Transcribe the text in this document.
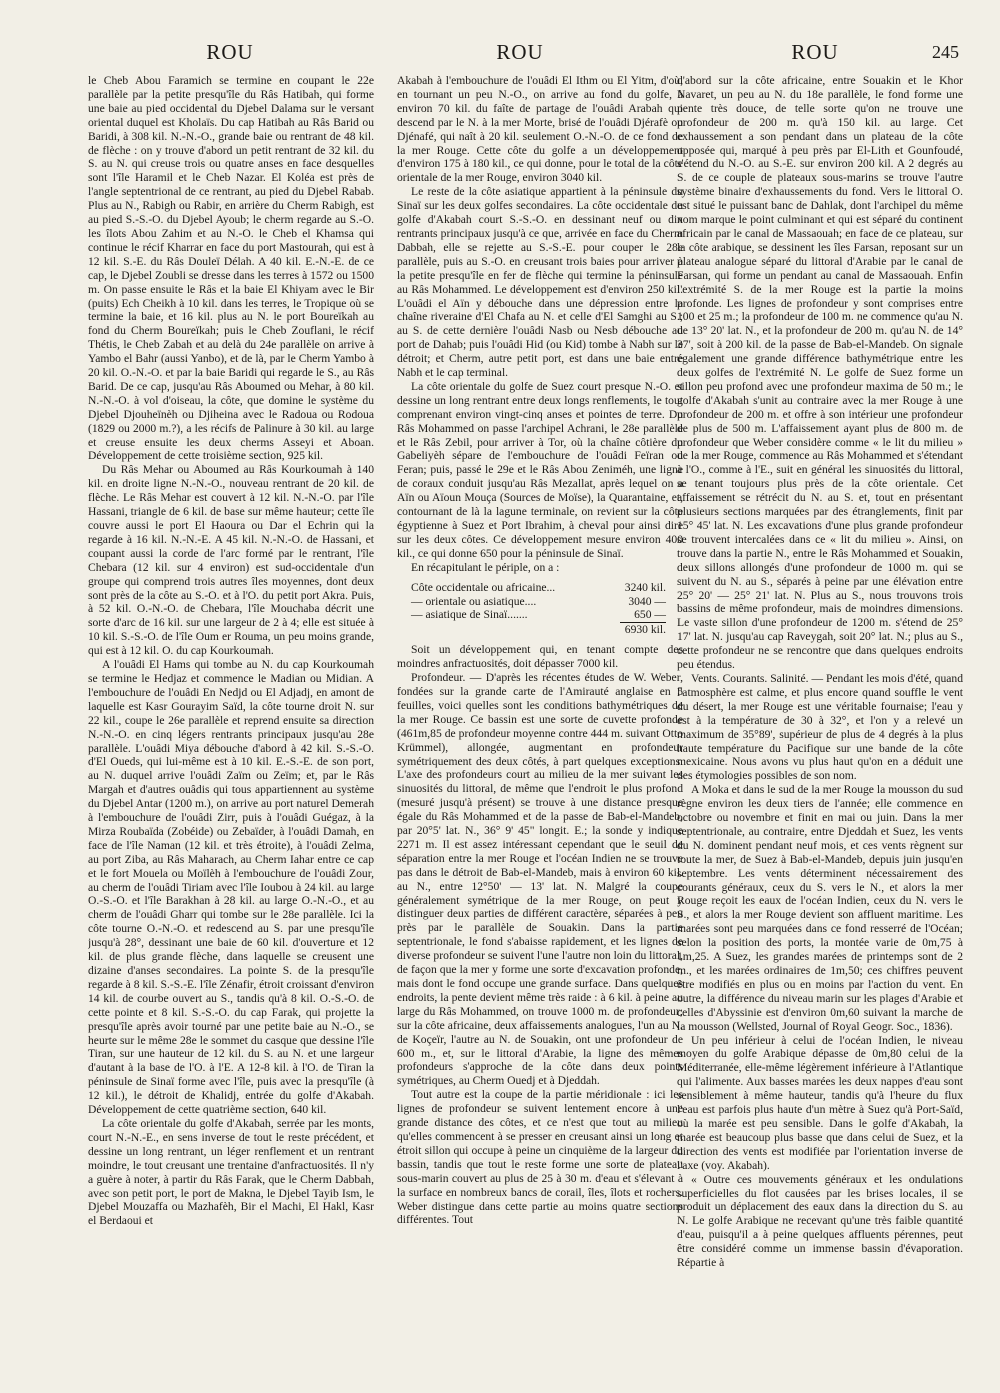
ROU	ROU	ROU	245

le Cheb Abou Faramich se termine en coupant le 22e parallèle par la petite presqu'île du Râs Hatibah, qui forme une baie au pied occidental du Djebel Dalama sur le versant oriental duquel est Kholaïs. Du cap Hatibah au Râs Barid ou Baridi, à 308 kil. N.-N.-O., grande baie ou rentrant de 48 kil. de flèche : on y trouve d'abord un petit rentrant de 32 kil. du S. au N. qui creuse trois ou quatre anses en face desquelles sont l'île Haramil et le Cheb Nazar. El Koléa est près de l'angle septentrional de ce rentrant, au pied du Djebel Rabab. Plus au N., Rabigh ou Rabir, en arrière du Cherm Rabigh, est au pied S.-S.-O. du Djebel Ayoub; le cherm regarde au S.-O. les îlots Abou Zahim et au N.-O. le Cheb el Khamsa qui continue le récif Kharrar en face du port Mastourah, qui est à 12 kil. S.-E. du Râs Douleï Délah. A 40 kil. E.-N.-E. de ce cap, le Djebel Zoubli se dresse dans les terres à 1572 ou 1500 m. On passe ensuite le Râs et la baie El Khiyam avec le Bir (puits) Ech Cheikh à 10 kil. dans les terres, le Tropique où se termine la baie, et 16 kil. plus au N. le port Boureïkah au fond du Cherm Boureïkah; puis le Cheb Zouflani, le récif Thétis, le Cheb Zabah et au delà du 24e parallèle on arrive à Yambo el Bahr (aussi Yanbo), et de là, par le Cherm Yambo à 20 kil. O.-N.-O. et par la baie Baridi qui regarde le S., au Râs Barid. De ce cap, jusqu'au Râs Aboumed ou Mehar, à 80 kil. N.-N.-O. à vol d'oiseau, la côte, que domine le système du Djebel Djouheïnèh ou Djiheina avec le Radoua ou Rodoua (1829 ou 2000 m.?), a les récifs de Palinure à 30 kil. au large et creuse ensuite les deux cherms Asseyi et Aboan. Développement de cette troisième section, 925 kil.

Du Râs Mehar ou Aboumed au Râs Kourkoumah à 140 kil. en droite ligne N.-N.-O., nouveau rentrant de 20 kil. de flèche. Le Râs Mehar est couvert à 12 kil. N.-N.-O. par l'île Hassani, triangle de 6 kil. de base sur même hauteur; cette île couvre aussi le port El Haoura ou Dar el Echrin qui la regarde à 16 kil. N.-N.-E. A 45 kil. N.-N.-O. de Hassani, et coupant aussi la corde de l'arc formé par le rentrant, l'île Chebara (12 kil. sur 4 environ) est sud-occidentale d'un groupe qui comprend trois autres îles moyennes, dont deux sont près de la côte au S.-O. et à l'O. du petit port Akra. Puis, à 52 kil. O.-N.-O. de Chebara, l'île Mouchaba décrit une sorte d'arc de 16 kil. sur une largeur de 2 à 4; elle est située à 10 kil. S.-S.-O. de l'île Oum er Rouma, un peu moins grande, qui est à 12 kil. O. du cap Kourkoumah.

A l'ouâdi El Hams qui tombe au N. du cap Kourkoumah se termine le Hedjaz et commence le Madian ou Midian. A l'embouchure de l'ouâdi En Nedjd ou El Adjadj, en amont de laquelle est Kasr Gourayim Saïd, la côte tourne droit N. sur 22 kil., coupe le 26e parallèle et reprend ensuite sa direction N.-N.-O. en cinq légers rentrants principaux jusqu'au 28e parallèle. L'ouâdi Miya débouche d'abord à 42 kil. S.-S.-O. d'El Oueds, qui lui-même est à 10 kil. E.-S.-E. de son port, au N. duquel arrive l'ouâdi Zaïm ou Zeïm; et, par le Râs Margah et d'autres ouâdis qui tous appartiennent au système du Djebel Antar (1200 m.), on arrive au port naturel Demerah à l'embouchure de l'ouâdi Zirr, puis à l'ouâdi Guégaz, à la Mirza Roubaïda (Zobéide) ou Zebaïder, à l'ouâdi Damah, en face de l'île Naman (12 kil. et très étroite), à l'ouâdi Zelma, au port Ziba, au Râs Maharach, au Cherm Iahar entre ce cap et le fort Mouela ou Moïlèh à l'embouchure de l'ouâdi Zour, au cherm de l'ouâdi Tiriam avec l'île Ioubou à 24 kil. au large O.-S.-O. et l'île Barakhan à 28 kil. au large O.-N.-O., et au cherm de l'ouâdi Gharr qui tombe sur le 28e parallèle. Ici la côte tourne O.-N.-O. et redescend au S. par une presqu'île jusqu'à 28°, dessinant une baie de 60 kil. d'ouverture et 12 kil. de plus grande flèche, dans laquelle se creusent une dizaine d'anses secondaires. La pointe S. de la presqu'île regarde à 8 kil. S.-S.-E. l'île Zénafir, étroit croissant d'environ 14 kil. de courbe ouvert au S., tandis qu'à 8 kil. O.-S.-O. de cette pointe et 8 kil. S.-S.-O. du cap Farak, qui projette la presqu'île après avoir tourné par une petite baie au N.-O., se heurte sur le même 28e le sommet du casque que dessine l'île Tiran, sur une hauteur de 12 kil. du S. au N. et une largeur d'autant à la base de l'O. à l'E. A 12-8 kil. à l'O. de Tiran la péninsule de Sinaï forme avec l'île, puis avec la presqu'île (à 12 kil.), le détroit de Khalidj, entrée du golfe d'Akabah. Développement de cette quatrième section, 640 kil.

La côte orientale du golfe d'Akabah, serrée par les monts, court N.-N.-E., en sens inverse de tout le reste précédent, et dessine un long rentrant, un léger renflement et un rentrant moindre, le tout creusant une trentaine d'anfractuosités. Il n'y a guère à noter, à partir du Râs Farak, que le Cherm Dabbah, avec son petit port, le port de Makna, le Djebel Tayib Ism, le Djebel Mouzaffa ou Mazhafèh, Bir el Machi, El Hakl, Kasr el Berdaoui et

Akabah à l'embouchure de l'ouâdi El Ithm ou El Yitm, d'où, en tournant un peu N.-O., on arrive au fond du golfe, à environ 70 kil. du faîte de partage de l'ouâdi Arabah qui descend par le N. à la mer Morte, brisé de l'ouâdi Djérafè ou Djénafé, qui naît à 20 kil. seulement O.-N.-O. de ce fond de la mer Rouge. Cette côte du golfe a un développement d'environ 175 à 180 kil., ce qui donne, pour le total de la côte orientale de la mer Rouge, environ 3040 kil.

Le reste de la côte asiatique appartient à la péninsule du Sinaï sur les deux golfes secondaires. La côte occidentale du golfe d'Akabah court S.-S.-O. en dessinant neuf ou dix rentrants principaux jusqu'à ce que, arrivée en face du Cherm Dabbah, elle se rejette au S.-S.-E. pour couper le 28e parallèle, puis au S.-O. en creusant trois baies pour arriver à la petite presqu'île en fer de flèche qui termine la péninsule au Râs Mohammed. Le développement est d'environ 250 kil. L'ouâdi el Aïn y débouche dans une dépression entre la chaîne riveraine d'El Chafa au N. et celle d'El Samghi au S.; au S. de cette dernière l'ouâdi Nasb ou Nesb débouche au port de Dahab; puis l'ouâdi Hid (ou Kid) tombe à Nabh sur le détroit; et Cherm, autre petit port, est dans une baie entre Nabh et le cap terminal.

La côte orientale du golfe de Suez court presque N.-O. et dessine un long rentrant entre deux longs renflements, le tout comprenant environ vingt-cinq anses et pointes de terre. Du Râs Mohammed on passe l'archipel Achrani, le 28e parallèle et le Râs Zebil, pour arriver à Tor, où la chaîne côtière du Gabeliyèh sépare de l'embouchure de l'ouâdi Feïran ou Feran; puis, passé le 29e et le Râs Abou Zeniméh, une ligne de coraux conduit jusqu'au Râs Mezallat, après lequel on a Aïn ou Aïoun Mouça (Sources de Moïse), la Quarantaine, et, contournant de là la lagune terminale, on revient sur la côte égyptienne à Suez et Port Ibrahim, à cheval pour ainsi dire sur les deux côtes. Ce développement mesure environ 400 kil., ce qui donne 650 pour la péninsule de Sinaï.

En récapitulant le périple, on a :

Côte occidentale ou africaine...	3240 kil.
— orientale ou asiatique....	3040 —
— asiatique de Sinaï.......	650 —
6930 kil.

Soit un développement qui, en tenant compte des moindres anfractuosités, doit dépasser 7000 kil.

Profondeur. — D'après les récentes études de W. Weber, fondées sur la grande carte de l'Amirauté anglaise en 5 feuilles, voici quelles sont les conditions bathymétriques de la mer Rouge. Ce bassin est une sorte de cuvette profonde (461m,85 de profondeur moyenne contre 444 m. suivant Otto Krümmel), allongée, augmentant en profondeur symétriquement des deux côtés, à part quelques exceptions. L'axe des profondeurs court au milieu de la mer suivant les sinuosités du littoral, de même que l'endroit le plus profond (mesuré jusqu'à présent) se trouve à une distance presque égale du Râs Mohammed et de la passe de Bab-el-Mandeb, par 20°5' lat. N., 36° 9' 45" longit. E.; la sonde y indique 2271 m. Il est assez intéressant cependant que le seuil de séparation entre la mer Rouge et l'océan Indien ne se trouve pas dans le détroit de Bab-el-Mandeb, mais à environ 60 kil. au N., entre 12°50' — 13' lat. N. Malgré la coupe généralement symétrique de la mer Rouge, on peut y distinguer deux parties de différent caractère, séparées à peu près par le parallèle de Souakin. Dans la partie septentrionale, le fond s'abaisse rapidement, et les lignes de diverse profondeur se suivent l'une l'autre non loin du littoral, de façon que la mer y forme une sorte d'excavation profonde, mais dont le fond occupe une grande surface. Dans quelques endroits, la pente devient même très raide : à 6 kil. à peine au large du Râs Mohammed, on trouve 1000 m. de profondeur; sur la côte africaine, deux affaissements analogues, l'un au N. de Koçeïr, l'autre au N. de Souakin, ont une profondeur de 600 m., et, sur le littoral d'Arabie, la ligne des mêmes profondeurs s'approche de la côte dans deux points symétriques, au Cherm Ouedj et à Djeddah.

Tout autre est la coupe de la partie méridionale : ici les lignes de profondeur se suivent lentement encore à une grande distance des côtes, et ce n'est que tout au milieu qu'elles commencent à se presser en creusant ainsi un long et étroit sillon qui occupe à peine un cinquième de la largeur du bassin, tandis que tout le reste forme une sorte de plateau sous-marin couvert au plus de 25 à 30 m. d'eau et s'élevant à la surface en nombreux bancs de corail, îles, îlots et rochers. Weber distingue dans cette partie au moins quatre sections différentes. Tout

d'abord sur la côte africaine, entre Souakin et le Khor Navaret, un peu au N. du 18e parallèle, le fond forme une pente très douce, de telle sorte qu'on ne trouve une profondeur de 200 m. qu'à 150 kil. au large. Cet exhaussement a son pendant dans un plateau de la côte opposée qui, marqué à peu près par El-Lith et Gounfoudé, s'étend du N.-O. au S.-E. sur environ 200 kil. A 2 degrés au S. de ce couple de plateaux sous-marins se trouve l'autre système binaire d'exhaussements du fond. Vers le littoral O. est situé le puissant banc de Dahlak, dont l'archipel du même nom marque le point culminant et qui est séparé du continent africain par le canal de Massaouah; en face de ce plateau, sur la côte arabique, se dessinent les îles Farsan, reposant sur un plateau analogue séparé du littoral d'Arabie par le canal de Farsan, qui forme un pendant au canal de Massaouah. Enfin l'extrémité S. de la mer Rouge est la partie la moins profonde. Les lignes de profondeur y sont comprises entre 100 et 25 m.; la profondeur de 100 m. ne commence qu'au N. de 13° 20' lat. N., et la profondeur de 200 m. qu'au N. de 14° 37', soit à 200 kil. de la passe de Bab-el-Mandeb. On signale également une grande différence bathymétrique entre les deux golfes de l'extrémité N. Le golfe de Suez forme un sillon peu profond avec une profondeur maxima de 50 m.; le golfe d'Akabah s'unit au contraire avec la mer Rouge à une profondeur de 200 m. et offre à son intérieur une profondeur de plus de 500 m. L'affaissement ayant plus de 800 m. de profondeur que Weber considère comme « le lit du milieu » de la mer Rouge, commence au Râs Mohammed et s'étendant à l'O., comme à l'E., suit en général les sinuosités du littoral, se tenant toujours plus près de la côte orientale. Cet affaissement se rétrécit du N. au S. et, tout en présentant plusieurs sections marquées par des étranglements, finit par 15° 45' lat. N. Les excavations d'une plus grande profondeur se trouvent intercalées dans ce « lit du milieu ». Ainsi, on trouve dans la partie N., entre le Râs Mohammed et Souakin, deux sillons allongés d'une profondeur de 1000 m. qui se suivent du N. au S., séparés à peine par une élévation entre 25° 20' — 25° 21' lat. N. Plus au S., nous trouvons trois bassins de même profondeur, mais de moindres dimensions. Le vaste sillon d'une profondeur de 1200 m. s'étend de 25° 17' lat. N. jusqu'au cap Raveygah, soit 20° lat. N.; plus au S., cette profondeur ne se rencontre que dans quelques endroits peu étendus.

Vents. Courants. Salinité. — Pendant les mois d'été, quand l'atmosphère est calme, et plus encore quand souffle le vent du désert, la mer Rouge est une véritable fournaise; l'eau y est à la température de 30 à 32°, et l'on y a relevé un maximum de 35°89', supérieur de plus de 4 degrés à la plus haute température du Pacifique sur une bande de la côte mexicaine. Nous avons vu plus haut qu'on en a déduit une des étymologies possibles de son nom.

A Moka et dans le sud de la mer Rouge la mousson du sud règne environ les deux tiers de l'année; elle commence en octobre ou novembre et finit en mai ou juin. Dans la mer septentrionale, au contraire, entre Djeddah et Suez, les vents du N. dominent pendant neuf mois, et ces vents règnent sur toute la mer, de Suez à Bab-el-Mandeb, depuis juin jusqu'en septembre. Les vents déterminent nécessairement des courants généraux, ceux du S. vers le N., et alors la mer Rouge reçoit les eaux de l'océan Indien, ceux du N. vers le S., et alors la mer Rouge devient son affluent maritime. Les marées sont peu marquées dans ce fond resserré de l'Océan; selon la position des ports, la montée varie de 0m,75 à 1m,25. A Suez, les grandes marées de printemps sont de 2 m., et les marées ordinaires de 1m,50; ces chiffres peuvent être modifiés en plus ou en moins par l'action du vent. En outre, la différence du niveau marin sur les plages d'Arabie et celles d'Abyssinie est d'environ 0m,60 suivant la marche de la mousson (Wellsted, Journal of Royal Geogr. Soc., 1836).

Un peu inférieur à celui de l'océan Indien, le niveau moyen du golfe Arabique dépasse de 0m,80 celui de la Méditerranée, elle-même légèrement inférieure à l'Atlantique qui l'alimente. Aux basses marées les deux nappes d'eau sont sensiblement à même hauteur, tandis qu'à l'heure du flux l'eau est parfois plus haute d'un mètre à Suez qu'à Port-Saïd, où la marée est peu sensible. Dans le golfe d'Akabah, la marée est beaucoup plus basse que dans celui de Suez, et la direction des vents est modifiée par l'orientation inverse de l'axe (voy. Akabah).

« Outre ces mouvements généraux et les ondulations superficielles du flot causées par les brises locales, il se produit un déplacement des eaux dans la direction du S. au N. Le golfe Arabique ne recevant qu'une très faible quantité d'eau, puisqu'il a à peine quelques affluents pérennes, peut être considéré comme un immense bassin d'évaporation. Répartie à
